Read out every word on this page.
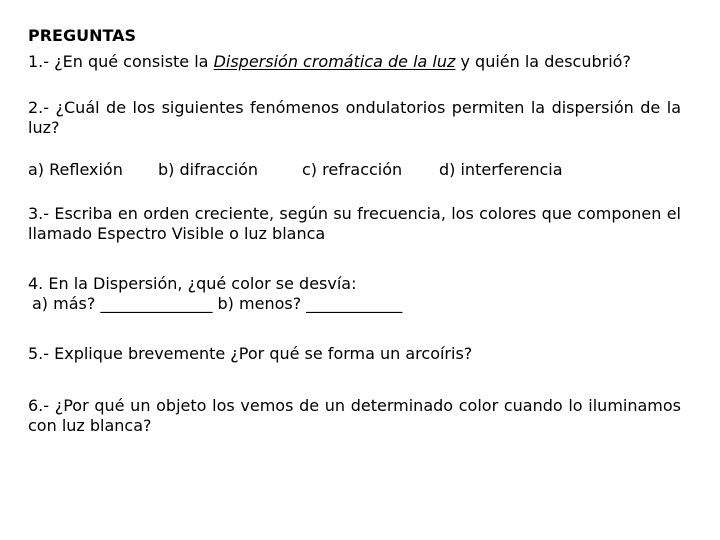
PREGUNTAS

1.- ¿En qué consiste la Dispersión cromática de la luz y quién la descubrió?

2.- ¿Cuál de los siguientes fenómenos ondulatorios permiten la dispersión de la luz?

a) Reflexión b) difracción	c) refracción d) interferencia

3.- Escriba en orden creciente, según su frecuencia, los colores que componen el llamado Espectro Visible o luz blanca

4. En la Dispersión, ¿qué color se desvía:
a) más? ______________ b) menos? ____________

5.- Explique brevemente ¿Por qué se forma un arcoíris?

6.- ¿Por qué un objeto los vemos de un determinado color cuando lo iluminamos con luz blanca?
